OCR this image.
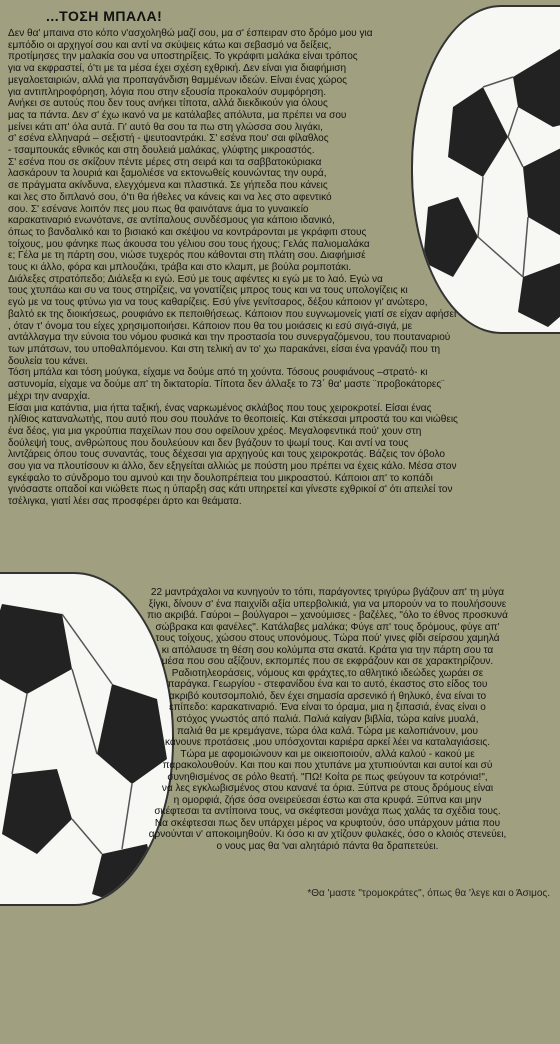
...ΤΟΣΗ ΜΠΑΛΑ!
Δεν θα' μπαινα στο κόπο ν'ασχοληθώ μαζί σου, μα σ' έσπειραν στο δρόμο μου για
εμπόδιο οι αρχηγοί σου και αντί να σκύψεις κάτω και σεβασμό να δείξεις,
προτίμησες την μαλακία σου να υποστηρίξεις. Το γκράφιτι μαλάκα είναι τρόπος
για να εκφραστεί, ό'τι με τα μέσα έχει σχέση εχθρική. Δεν είναι για διαφήμιση
μεγαλοεταιριών, αλλά για προπαγάνδιση θαμμένων ιδεών. Είναι ένας χώρος
για αντιπληροφόρηση, λόγια που στην εξουσία προκαλούν συμφόρηση.
Ανήκει σε αυτούς που δεν τους ανήκει τίποτα, αλλά διεκδικούν για όλους
μας τα πάντα. Δεν σ' έχω ικανό να με κατάλαβες απόλυτα, μα πρέπει να σου
μείνει κάτι απ' όλα αυτά. Γι' αυτό θα σου τα πω στη γλώσσα σου λιγάκι,
σ' εσένα ελληναρά – σεξιστή - ψευτοαντράκι. Σ' εσένα που' σαι φίλαθλος
- τσαμπουκάς εθνικός και στη δουλειά μαλάκας, γλύφτης μικροαστός.
Σ' εσένα που σε σκίζουν πέντε μέρες στη σειρά και τα σαββατοκύριακα
λασκάρουν τα λουριά και ξαμολιέσε να εκτονωθείς κουνώντας την ουρά,
σε πράγματα ακίνδυνα, ελεγχόμενα και πλαστικά. Σε γήπεδα που κάνεις
και λες στο διπλανό σου, ό'τι θα ήθελες να κάνεις και να λες στο αφεντικό
σου. Σ' εσένανε λοιπόν πες μου πως θα φαινότανε άμα το γυναικείο
καρακατιναριό ενωνότανε, σε αντίπαλους συνδέσμους για κάποιο ιδανικό,
όπως το βανδαλικό και το βισιακό και σκέψου να κοντράρονται με γκράφιτι στους
τοίχους, μου φάνηκε πως άκουσα του γέλιου σου τους ήχους; Γελάς παλιομαλάκα
ε; Γέλα με τη πάρτη σου, νιώσε τυχερός που κάθονται στη πλάτη σου. Διαφήμισέ
τους κι άλλο, φόρα και μπλουζάκι, τράβα και στο κλαμπ, με βούλα ρομποτάκι.
Διάλεξες στρατόπεδο; Διάλεξα κι εγώ. Εσύ με τους αφέντες κι εγώ με το λαό. Εγώ να
τους χτυπάω και συ να τους στηρίζεις, να γονατίζεις μπρος τους και να τους υπολογίζεις κι
εγώ με να τους φτύνω για να τους καθαρίζεις. Εσύ γίνε γενίτσαρος, δέξου κάποιον γι' ανώτερο,
βαλτό εκ της διοικήσεως, ρουφιάνο εκ πεποιθήσεως. Κάποιον που ευγνωμονείς γιατί σε είχαν αφήσει
, όταν τ' όνομα του είχες χρησιμοποιήσει. Κάποιον που θα του μοιάσεις κι εσύ σιγά-σιγά, με
αντάλλαγμα την εύνοια του νόμου φυσικά και την προστασία του συνεργαζόμενου, του πουταναριού
των μπάτσων, του υποθαλπόμενου. Και στη τελική αν το' χω παρακάνει, είσαι ένα γρανάζι που τη
δουλεία του κάνει.
Τόση μπάλα και τόση μούγκα, είχαμε να δούμε από τη χούντα. Τόσους ρουφιάνους –στρατό- κι
αστυνομία, είχαμε να δούμε απ' τη δικτατορία. Τίποτα δεν άλλαξε το 73΄ θα' μαστε ¨προβοκάτορες¨
μέχρι την αναρχία.
Είσαι μια κατάντια, μια ήττα ταξική, ένας ναρκωμένος σκλάβος που τους χειροκροτεί. Είσαι ένας
ηλίθιος καταναλωτής, που αυτό που σου πουλάνε το θεοποιείς. Και στέκεσαι μπροστά του και νιώθεις
ένα δέος, για μια γκρούπια παχείλων που σου οφείλουν χρέος. Μεγαλοφεντικά πού' χουν στη
δούλεψή τους, ανθρώπους που δουλεύουν και δεν βγάζουν το ψωμί τους. Και αντί να τους
λιντζάρεις όπου τους συναντάς, τους δέχεσαι για αρχηγούς και τους χειροκροτάς. Βάζεις τον όβολο
σου για να πλουτίσουν κι άλλο, δεν εξηγείται αλλιώς με πούστη μου πρέπει να έχεις κάλο. Μέσα στον
εγκέφαλο το σύνδρομο του αμνού και την δουλοπρέπεια του μικροαστού. Κάποιοι απ' το κοπάδι
γινόσαστε οπαδοί και νιώθετε πως η ύπαρξη σας κάτι υπηρετεί και γίνεστε εχθρικοί σ' ότι απειλεί τον
τσέλιγκα, γιατί λέει σας προσφέρει άρτο και θεάματα.
22 μαντράχαλοι να κυνηγούν το τόπι, παράγοντες τριγύρω βγάζουν απ' τη μύγα
ξίγκι, δίνουν σ' ένα παιχνίδι αξία υπερβολικιά, για να μπορούν να το πουλήσουνε
πιο ακριβά. Γαύροι – βούλγαροι – χανούμισες - βαζέλες, "όλο το έθνος προσκυνά
σώβρακα και φανέλες". Κατάλαβες μαλάκα; Φύγε απ' τους δρόμους, φύγε απ'
τους τοίχους, χώσου στους υπονόμους. Τώρα πού' γινες φίδι σείρσου χαμηλά
κι απόλαυσε τη θέση σου κολύμπα στα σκατά. Κράτα για την πάρτη σου τα
μέσα που σου αξίζουν, εκπομπές που σε εκφράζουν και σε χαρακτηρίζουν.
Ραδιοτηλεοράσεις, νόμους και φράχτες,το αθλητικό ιδεώδες χωράει σε
παράγκα. Γεωργίου - στεφανίδου ένα και το αυτό, έκαστος στο είδος του
ακριβό κουτσομπολιό, δεν έχει σημασία αρσενικό ή θηλυκό, ένα είναι το
επίπεδο: καρακατιναριό. Ένα είναι το όραμα, μια η ξιπασιά, ένας είναι ο
στόχος γνωστός από παλιά. Παλιά καίγαν βιβλία, τώρα καίνε μυαλά,
παλιά θα με κρεμάγανε, τώρα όλα καλά. Τώρα με καλοπιάνουν, μου
κάνουνε προτάσεις ,μου υπόσχονται καριέρα αρκεί λέει να καταλαγιάσεις.
Τώρα με αφομοιώνουν και με οικειοποιούν, αλλά καλού - κακού με
παρακολουθούν. Και που και που χτυπάνε μα χτυπιούνται και αυτοί και σύ
συνηθισμένος σε ρόλο θεατή. "ΠΩ! Κοίτα ρε πως φεύγουν τα κοτρόνια!",
να λες εγκλωβισμένος στου κανανέ τα όρια. Ξύπνα ρε στους δρόμους είναι
η ομορφιά, ζήσε όσα ονειρεύεσαι έστω και στα κρυφά. Ξύπνα και μην
σκέφτεσαι τα αντίποινα τους, να σκέφτεσαι μονάχα πως χαλάς τα σχέδια τους.
Να σκέφτεσαι πως δεν υπάρχει μέρος να κρυφτούν, όσο υπάρχουν μάτια που
αρνούνται ν' αποκοιμηθούν. Κι όσο κι αν χτίζουν φυλακές, όσο ο κλοιός στενεύει,
ο νους μας θα 'ναι αλητάριό πάντα θα δραπετεύει.
*Θα 'μαστε "τρομοκράτες", όπως θα 'λεγε και ο Άσιμος.
